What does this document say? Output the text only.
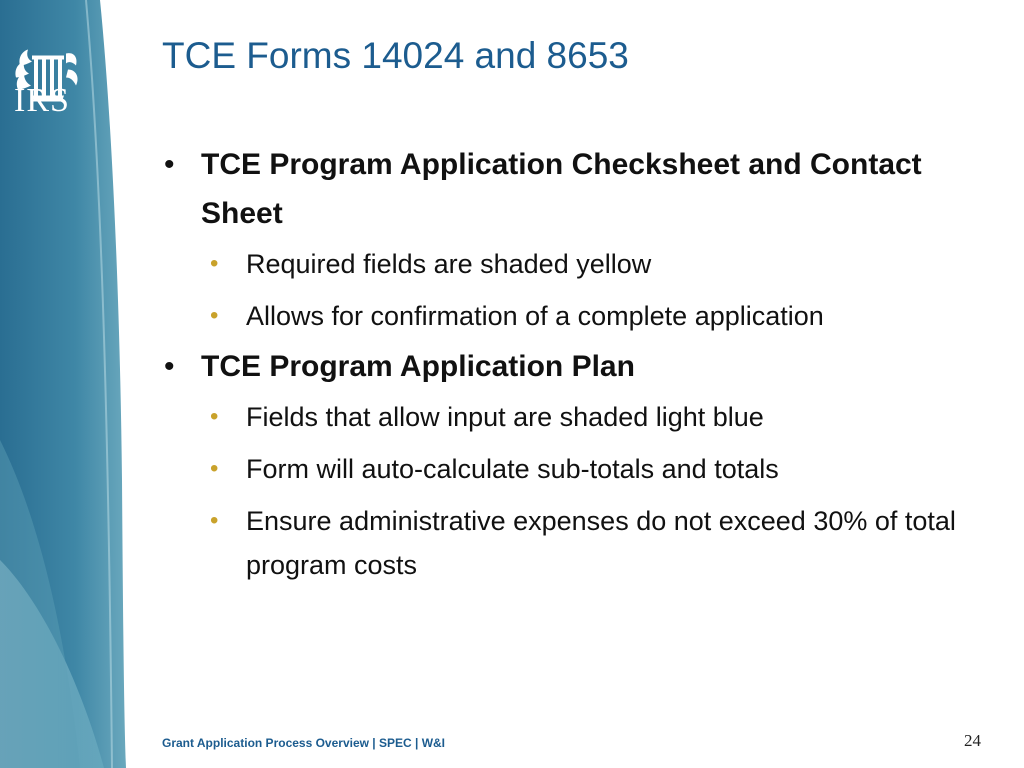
IRS
TCE Forms 14024 and 8653

• TCE Program Application Checksheet and Contact Sheet

• Required fields are shaded yellow

• Allows for confirmation of a complete application

• TCE Program Application Plan

• Fields that allow input are shaded light blue

• Form will auto-calculate sub-totals and totals

• Ensure administrative expenses do not exceed 30% of total program costs

Grant Application Process Overview | SPEC | W&I	24
